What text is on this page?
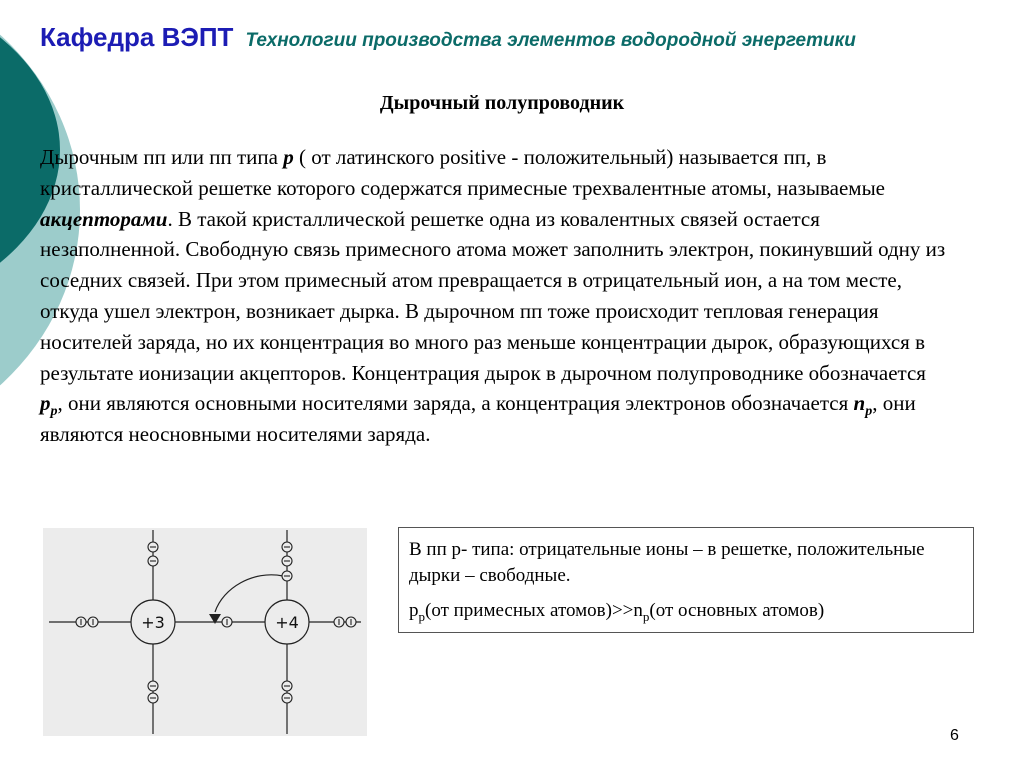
Кафедра ВЭПТ Технологии производства элементов водородной энергетики
Дырочный полупроводник
Дырочным пп или пп типа p ( от латинского positive - положительный) называется пп, в кристаллической решетке которого содержатся примесные трехвалентные атомы, называемые акцепторами. В такой кристаллической решетке одна из ковалентных связей остается незаполненной. Свободную связь примесного атома может заполнить электрон, покинувший одну из соседних связей. При этом примесный атом превращается в отрицательный ион, а на том месте, откуда ушел электрон, возникает дырка. В дырочном пп тоже происходит тепловая генерация носителей заряда, но их концентрация во много раз меньше концентрации дырок, образующихся в результате ионизации акцепторов. Концентрация дырок в дырочном полупроводнике обозначается $p_p$, они являются основными носителями заряда, а концентрация электронов обозначается $n_p$, они являются неосновными носителями заряда.
+3	+4

В пп p- типа: отрицательные ионы – в решетке, положительные дырки – свободные.

$p_p(от$ примесных $атомов)>>n_p(от$ основных атомов)

6
